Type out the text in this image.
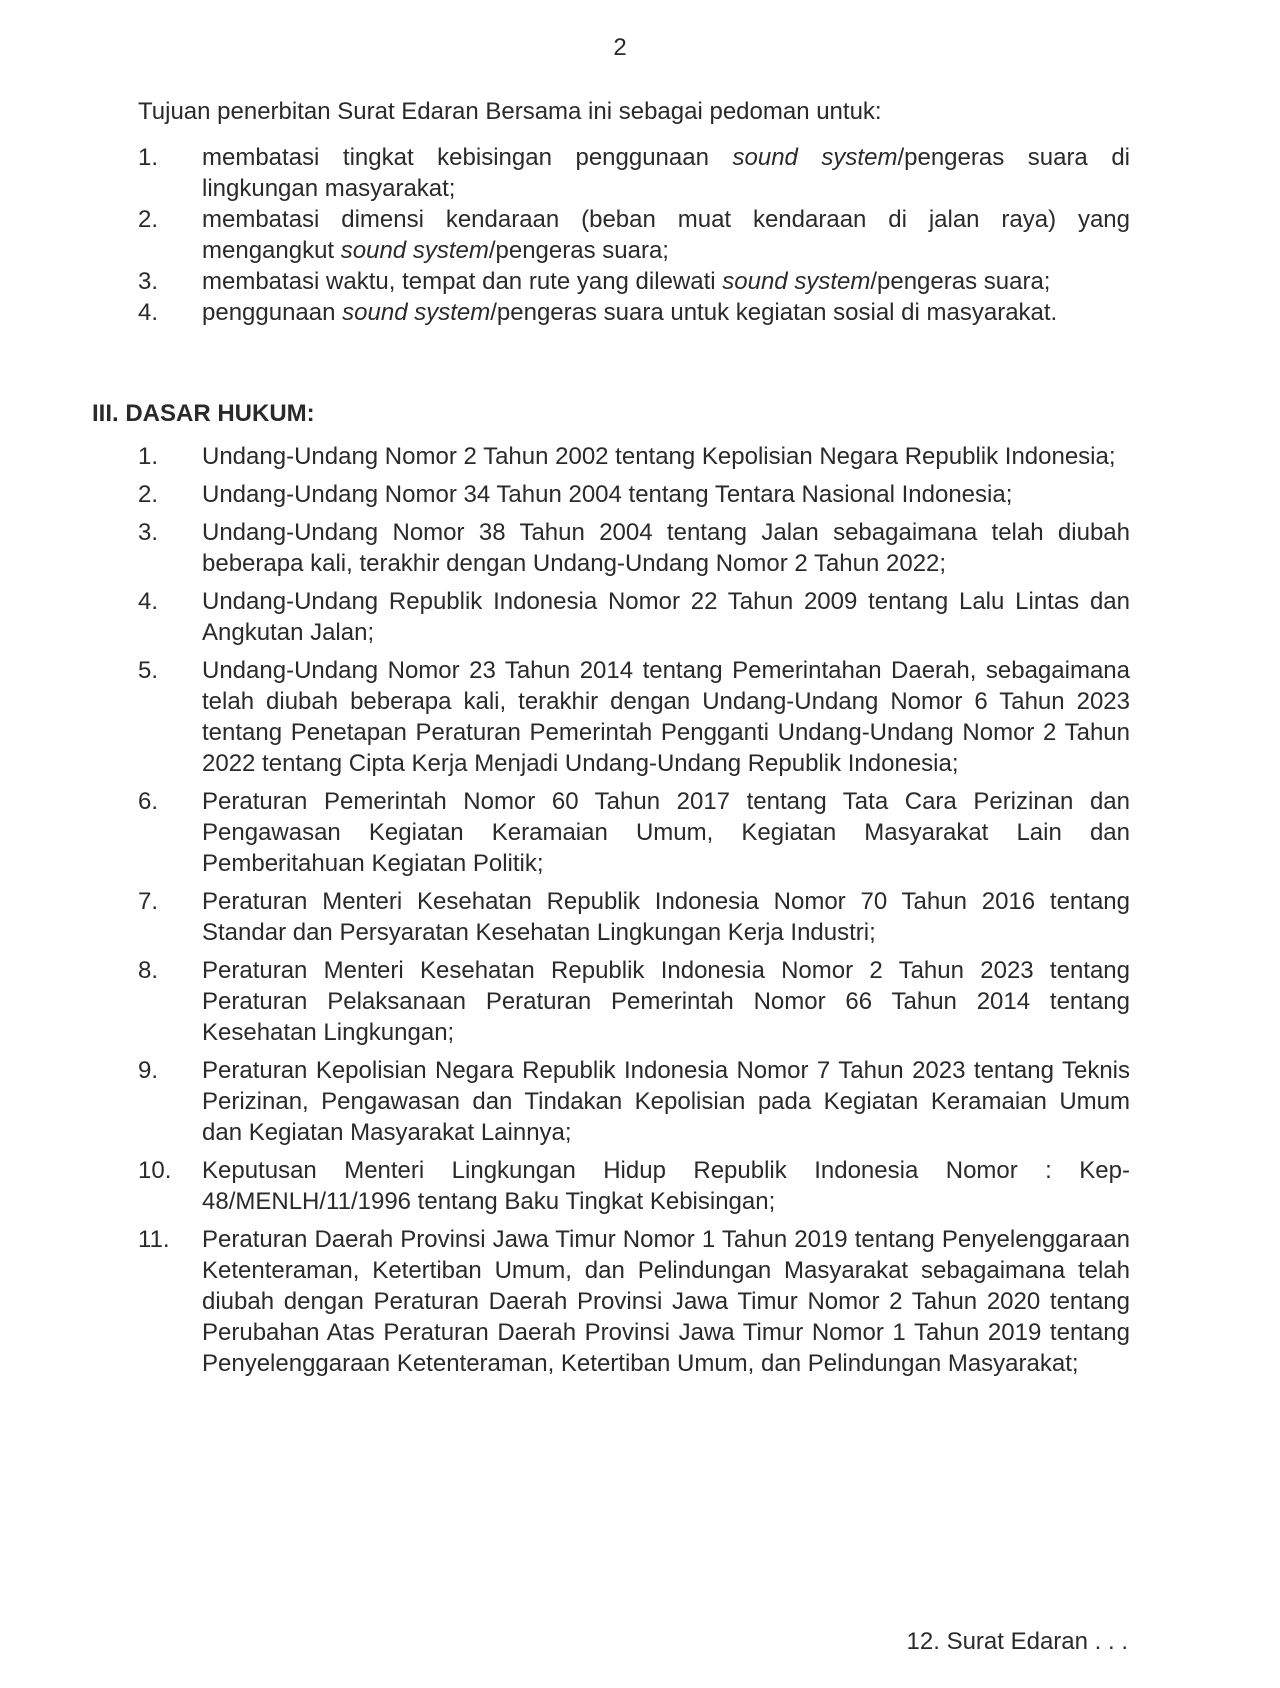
2

Tujuan penerbitan Surat Edaran Bersama ini sebagai pedoman untuk:

1.	membatasi tingkat kebisingan penggunaan sound system/pengeras suara di lingkungan masyarakat;
2.	membatasi dimensi kendaraan (beban muat kendaraan di jalan raya) yang mengangkut sound system/pengeras suara;
3.	membatasi waktu, tempat dan rute yang dilewati sound system/pengeras suara;
4.	penggunaan sound system/pengeras suara untuk kegiatan sosial di masyarakat.
III. DASAR HUKUM:
1.	Undang-Undang Nomor 2 Tahun 2002 tentang Kepolisian Negara Republik Indonesia;
2.	Undang-Undang Nomor 34 Tahun 2004 tentang Tentara Nasional Indonesia;
3.	Undang-Undang Nomor 38 Tahun 2004 tentang Jalan sebagaimana telah diubah beberapa kali, terakhir dengan Undang-Undang Nomor 2 Tahun 2022;
4.	Undang-Undang Republik Indonesia Nomor 22 Tahun 2009 tentang Lalu Lintas dan Angkutan Jalan;
5.	Undang-Undang Nomor 23 Tahun 2014 tentang Pemerintahan Daerah, sebagaimana telah diubah beberapa kali, terakhir dengan Undang-Undang Nomor 6 Tahun 2023 tentang Penetapan Peraturan Pemerintah Pengganti Undang-Undang Nomor 2 Tahun 2022 tentang Cipta Kerja Menjadi Undang-Undang Republik Indonesia;
6.	Peraturan Pemerintah Nomor 60 Tahun 2017 tentang Tata Cara Perizinan dan Pengawasan Kegiatan Keramaian Umum, Kegiatan Masyarakat Lain dan Pemberitahuan Kegiatan Politik;
7.	Peraturan Menteri Kesehatan Republik Indonesia Nomor 70 Tahun 2016 tentang Standar dan Persyaratan Kesehatan Lingkungan Kerja Industri;
8.	Peraturan Menteri Kesehatan Republik Indonesia Nomor 2 Tahun 2023 tentang Peraturan Pelaksanaan Peraturan Pemerintah Nomor 66 Tahun 2014 tentang Kesehatan Lingkungan;
9.	Peraturan Kepolisian Negara Republik Indonesia Nomor 7 Tahun 2023 tentang Teknis Perizinan, Pengawasan dan Tindakan Kepolisian pada Kegiatan Keramaian Umum dan Kegiatan Masyarakat Lainnya;
10. Keputusan Menteri Lingkungan Hidup Republik Indonesia Nomor : Kep-48/MENLH/11/1996 tentang Baku Tingkat Kebisingan;
11.	Peraturan Daerah Provinsi Jawa Timur Nomor 1 Tahun 2019 tentang Penyelenggaraan Ketenteraman, Ketertiban Umum, dan Pelindungan Masyarakat sebagaimana telah diubah dengan Peraturan Daerah Provinsi Jawa Timur Nomor 2 Tahun 2020 tentang Perubahan Atas Peraturan Daerah Provinsi Jawa Timur Nomor 1 Tahun 2019 tentang Penyelenggaraan Ketenteraman, Ketertiban Umum, dan Pelindungan Masyarakat;
12. Surat Edaran . . .
